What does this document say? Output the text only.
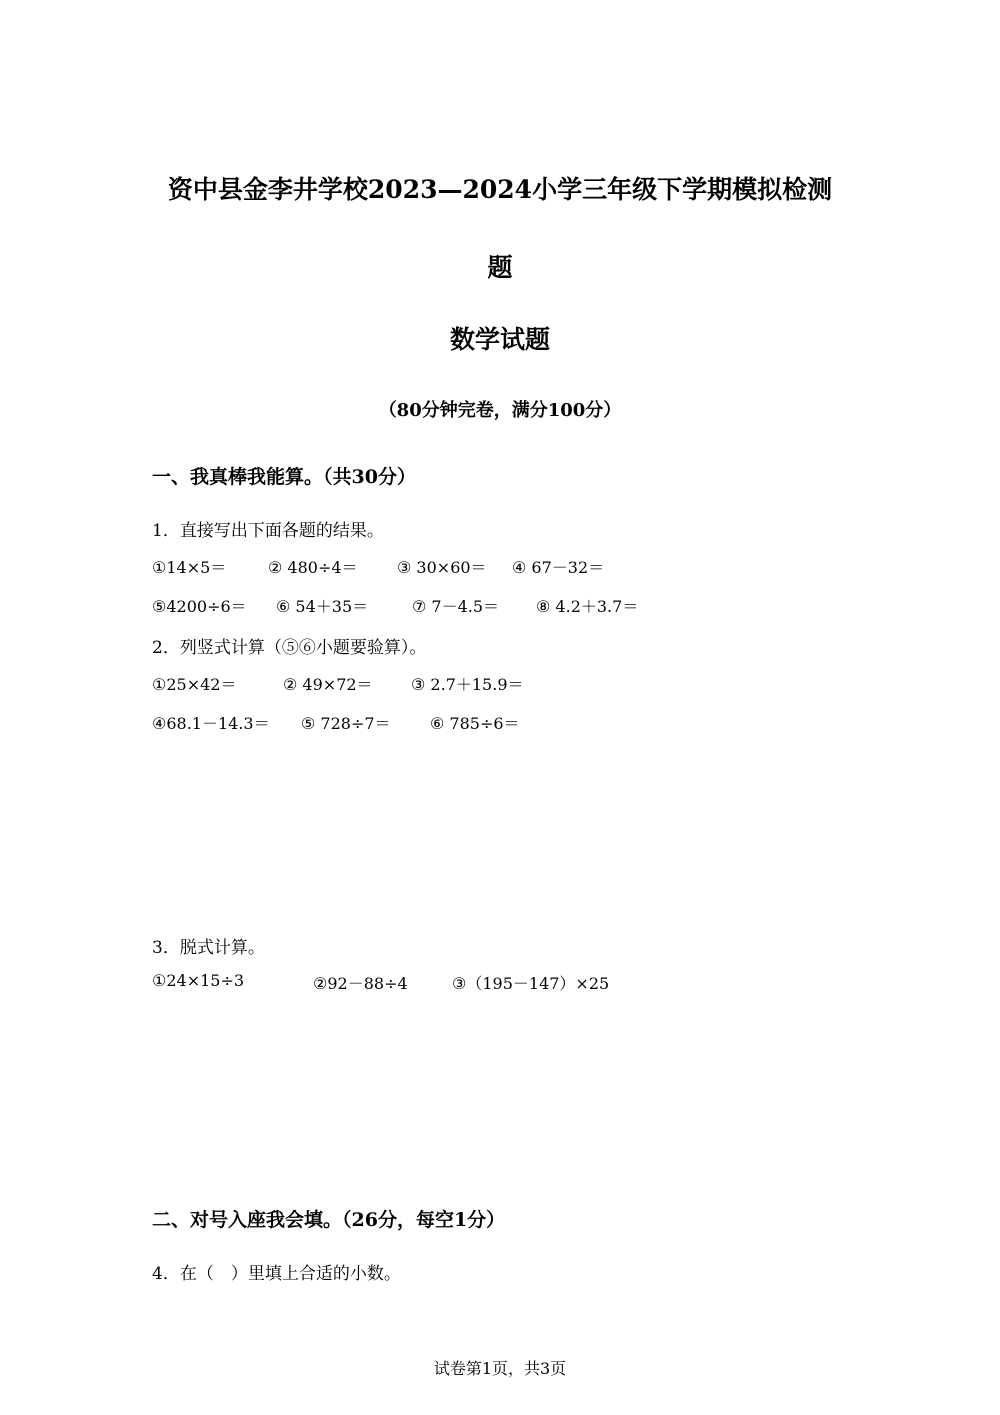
资中县金李井学校2023—2024小学三年级下学期模拟检测
题
数学试题
（80分钟完卷，满分100分）
一、我真棒我能算。（共30分）
1．直接写出下面各题的结果。
①14×5＝	② 480÷4＝ ③ 30×60＝ ④ 67－32＝
⑤4200÷6＝ ⑥ 54＋35＝	⑦ 7－4.5＝ ⑧ 4.2＋3.7＝
2．列竖式计算（⑤⑥小题要验算）。
①25×42＝	② 49×72＝ ③ 2.7＋15.9＝
④68.1－14.3＝ ⑤ 728÷7＝ ⑥ 785÷6＝
3．脱式计算。
①24×15÷3	②92－88÷4	③（195－147）×25
二、对号入座我会填。（26分，每空1分）
4．在（　）里填上合适的小数。
试卷第1页，共3页
